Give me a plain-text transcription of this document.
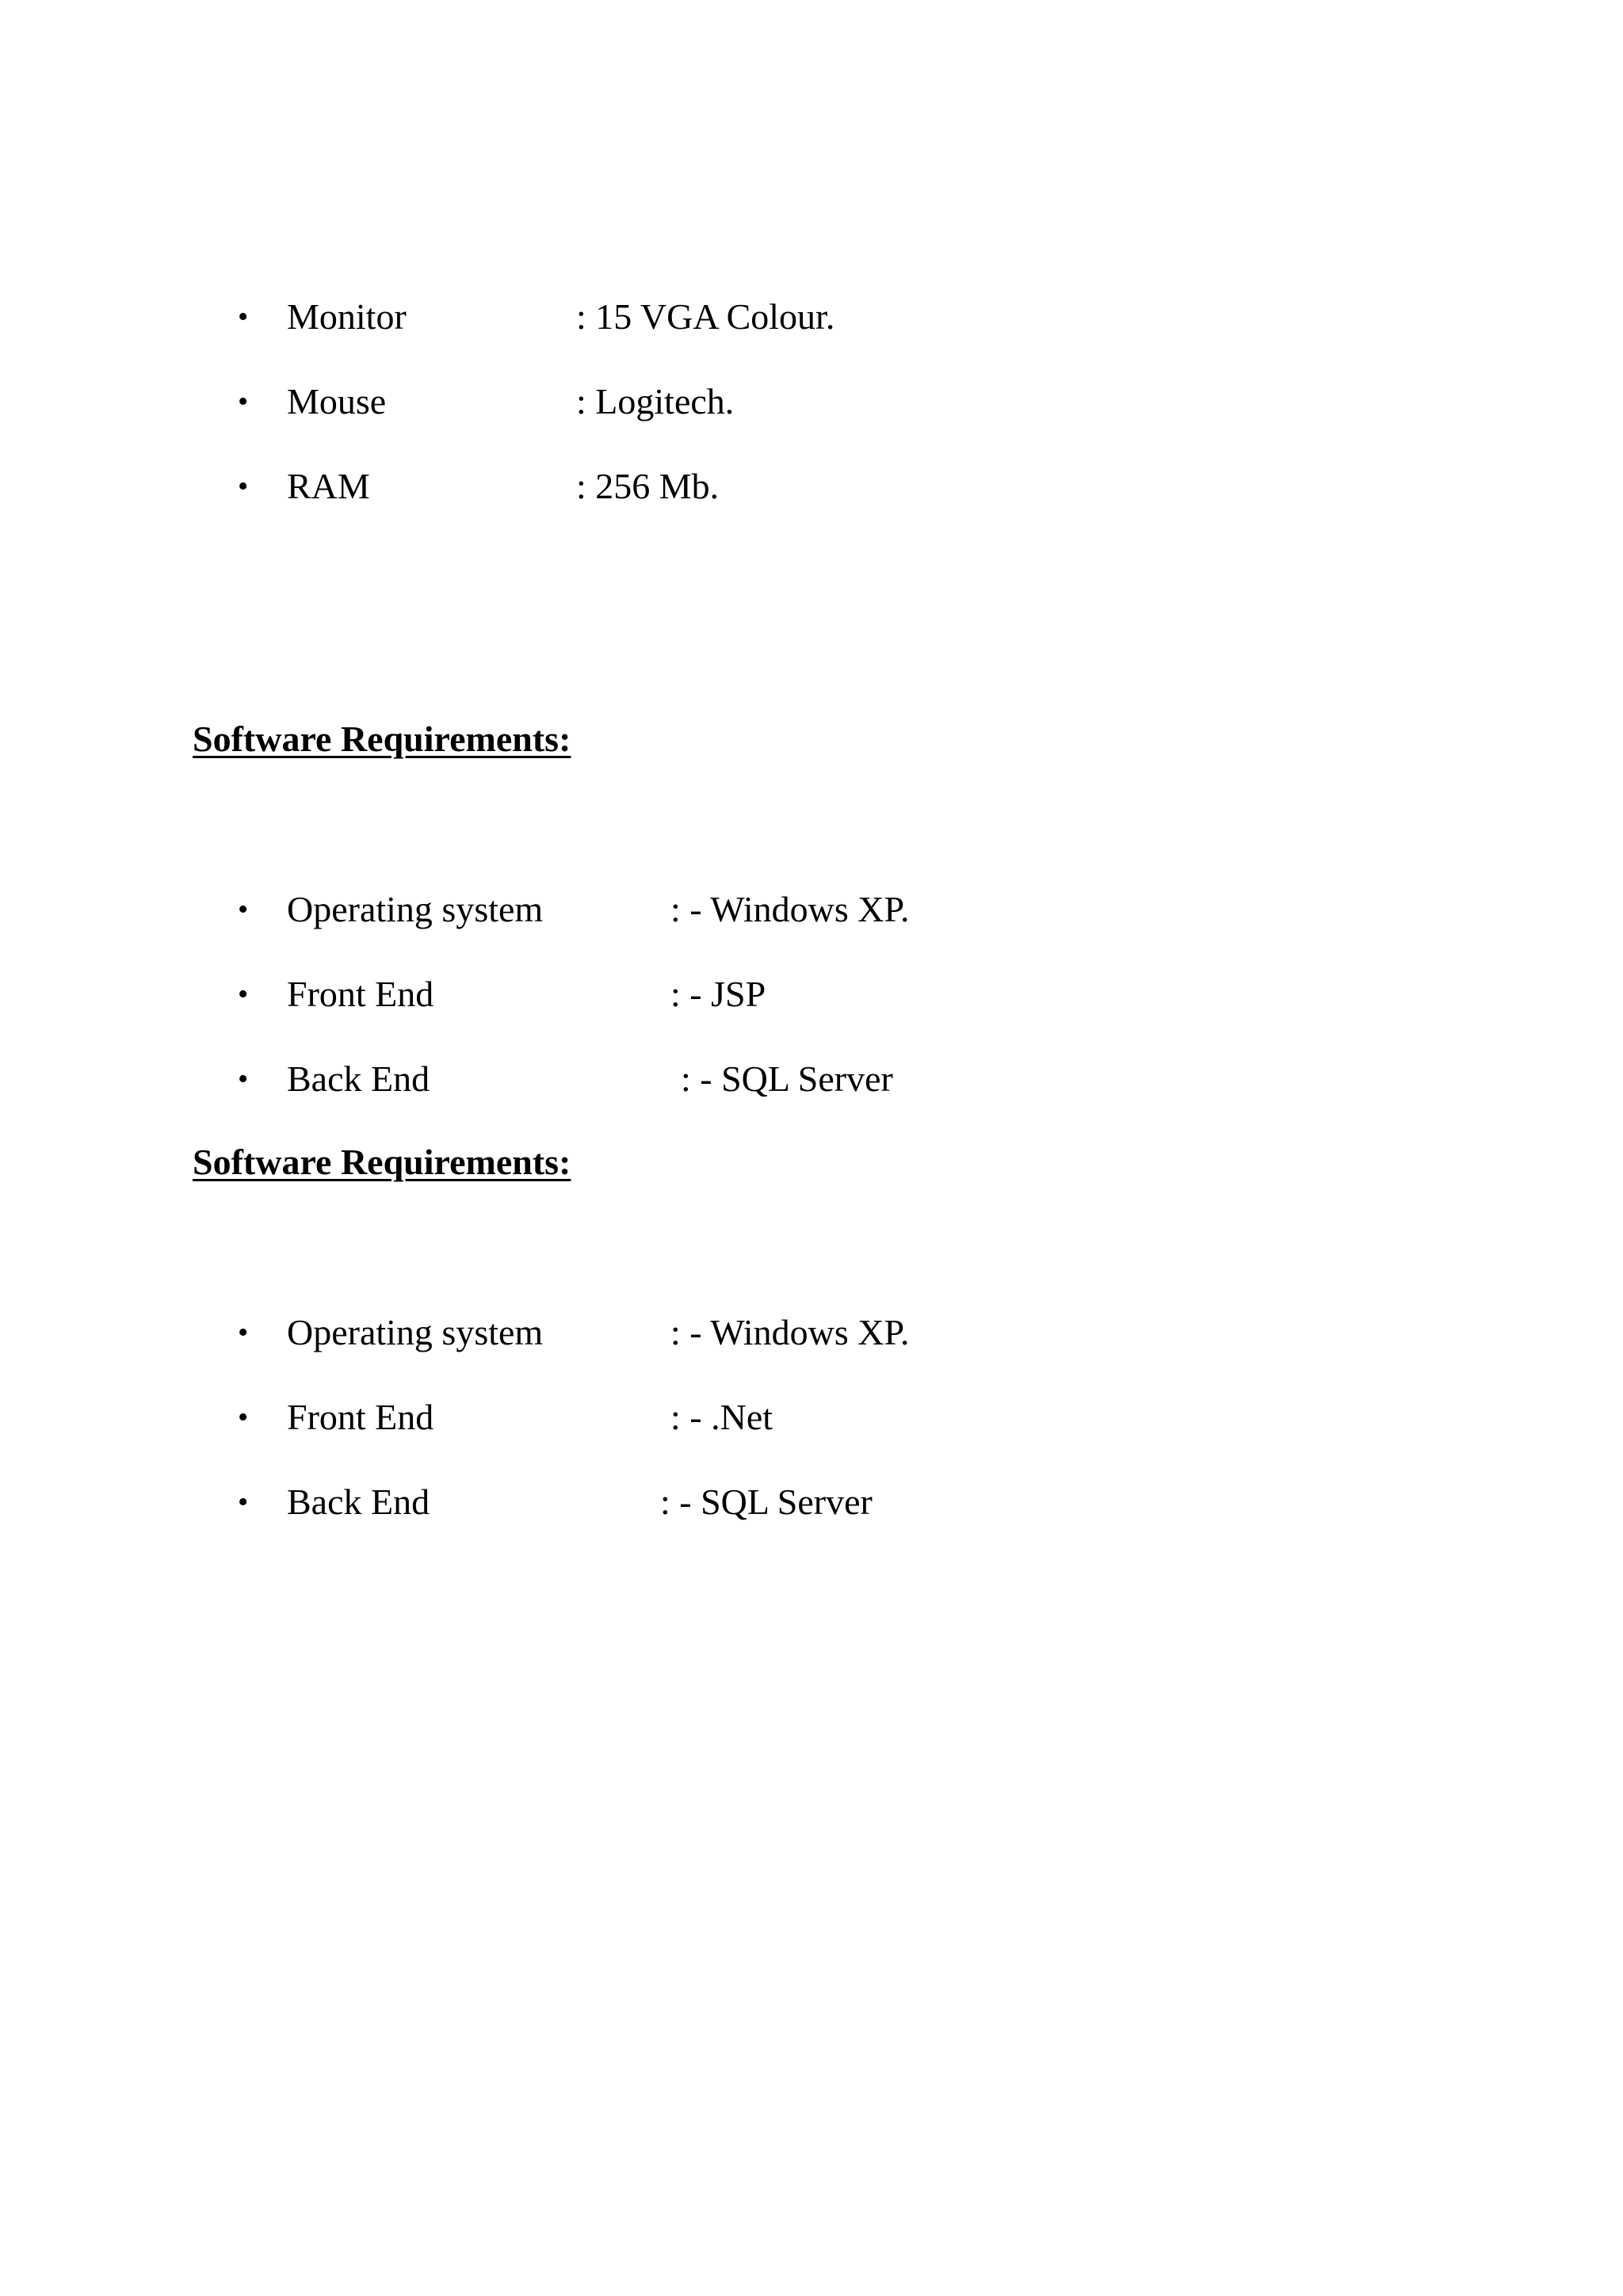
• Monitor	: 15 VGA Colour.
• Mouse	: Logitech.
• RAM	: 256 Mb.
Software Requirements:
• Operating system	: - Windows XP.
• Front End	: - JSP
• Back End	: - SQL Server
Software Requirements:
• Operating system	: - Windows XP.
• Front End	: - .Net
• Back End	: - SQL Server
